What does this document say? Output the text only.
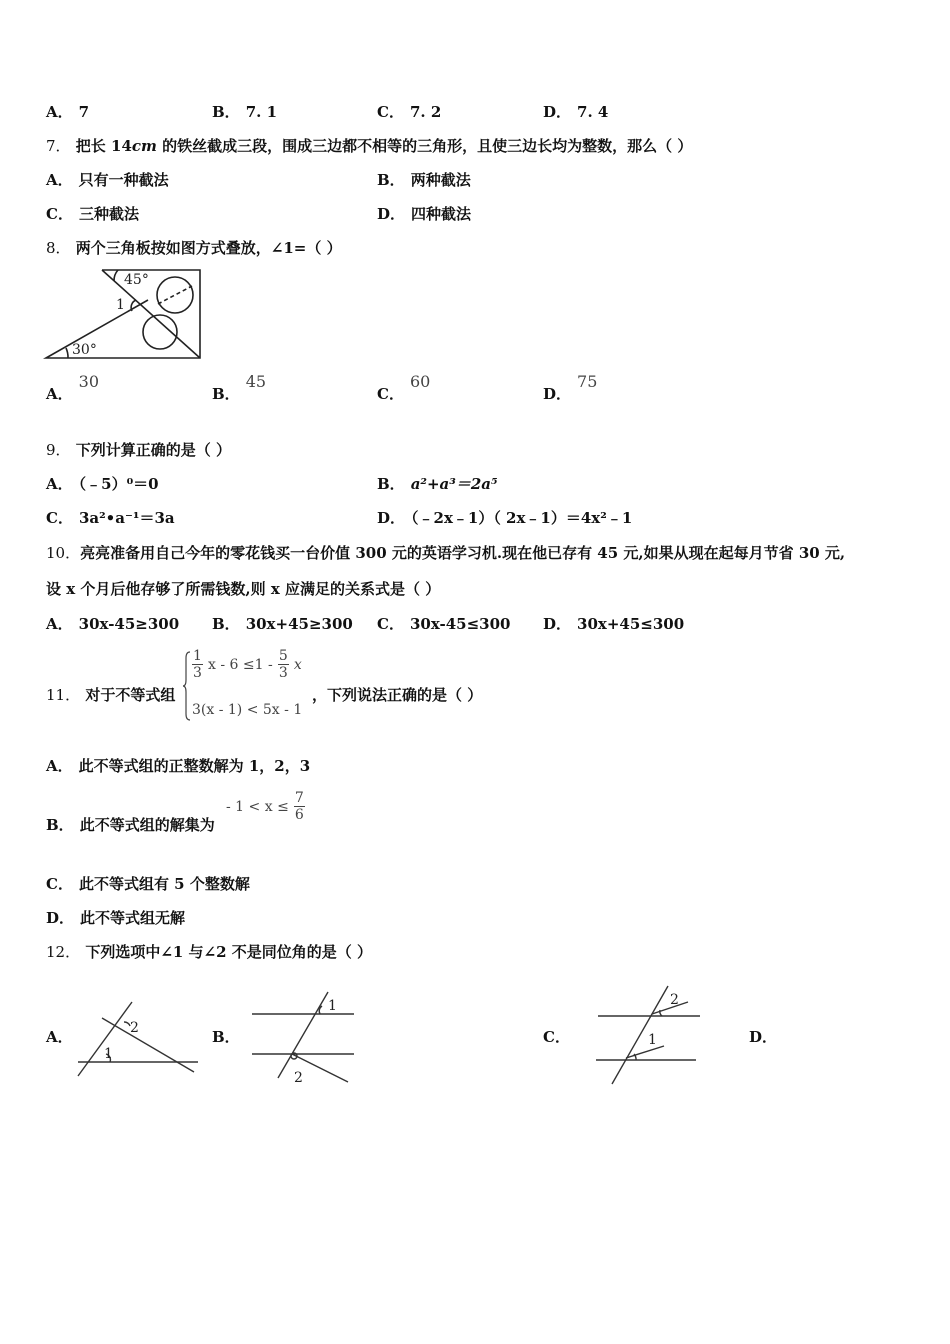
A． 7	B． 7. 1	C． 7. 2	D． 7. 4
7． 把长 14cm 的铁丝截成三段，围成三边都不相等的三角形，且使三边长均为整数，那么（ ）
A． 只有一种截法	B． 两种截法
C． 三种截法	D． 四种截法
8． 两个三角板按如图方式叠放，∠1=（ ）
45°
1
30°
A．30
B．45
C．60
D．75
9． 下列计算正确的是（ ）
A． （﹣5）⁰＝0	B． a²+a³＝2a⁵
C． 3a²•a⁻¹＝3a	D． （﹣2x﹣1）（ 2x﹣1）＝4x²﹣1
10．亮亮准备用自己今年的零花钱买一台价值 300 元的英语学习机.现在他已存有 45 元,如果从现在起每月节省 30 元,
设 x 个月后他存够了所需钱数,则 x 应满足的关系式是（ ）
A． 30x-45≥300 B． 30x+45≥300 C． 30x-45≤300 D． 30x+45≤300
11． 对于不等式组
$\frac{1}{3}$ $x - 6 \le 1 - \frac{5}{3}$ x
3(x - 1) < 5x - 1
，下列说法正确的是（ ）
A． 此不等式组的正整数解为 1，2，3
B． 此不等式组的解集为
- $1 < x \le \frac{7}{6}$
C． 此不等式组有 5 个整数解
D． 此不等式组无解
12． 下列选项中∠1 与∠2 不是同位角的是（ ）
A．	2
1
B．
1
2
C．
2
1	D．
